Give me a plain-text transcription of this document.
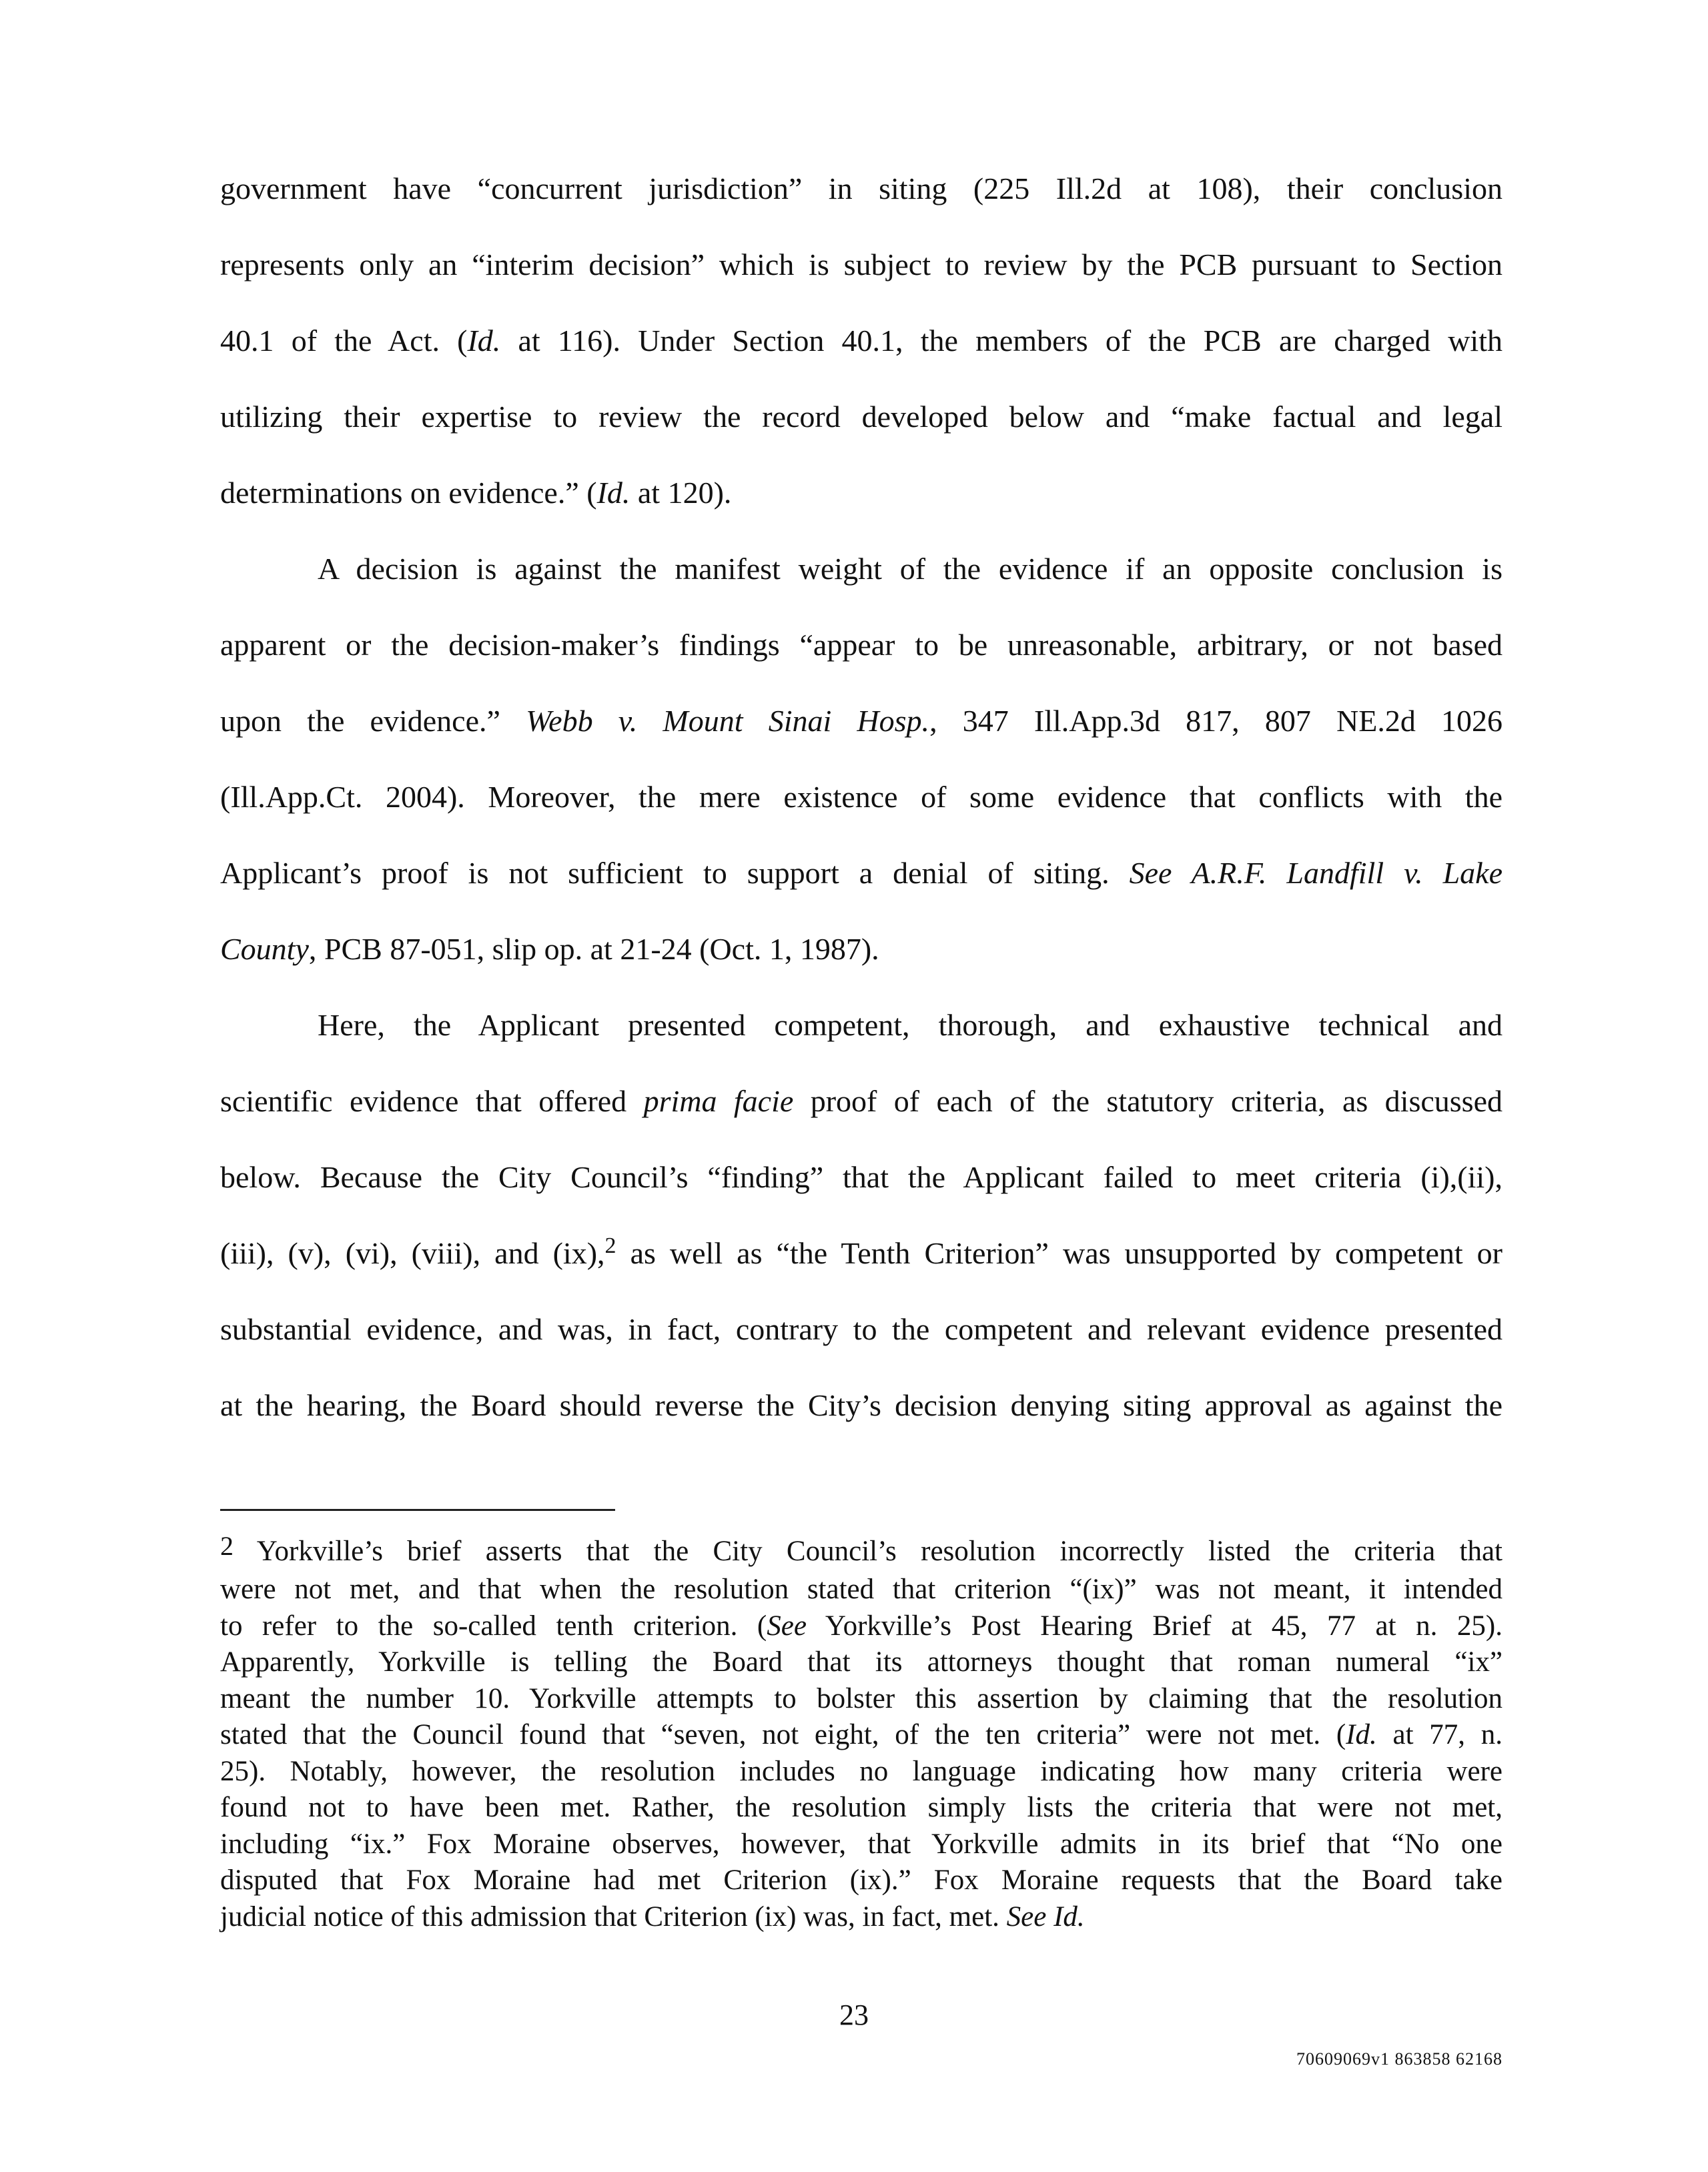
government have “concurrent jurisdiction” in siting (225 Ill.2d at 108), their conclusion
represents only an “interim decision” which is subject to review by the PCB pursuant to Section
40.1 of the Act. (Id. at 116). Under Section 40.1, the members of the PCB are charged with
utilizing their expertise to review the record developed below and “make factual and legal
determinations on evidence.” (Id. at 120).
A decision is against the manifest weight of the evidence if an opposite conclusion is
apparent or the decision-maker’s findings “appear to be unreasonable, arbitrary, or not based
upon the evidence.” Webb v. Mount Sinai Hosp., 347 Ill.App.3d 817, 807 NE.2d 1026
(Ill.App.Ct. 2004). Moreover, the mere existence of some evidence that conflicts with the
Applicant’s proof is not sufficient to support a denial of siting. See A.R.F. Landfill v. Lake
County, PCB 87-051, slip op. at 21-24 (Oct. 1, 1987).
Here, the Applicant presented competent, thorough, and exhaustive technical and
scientific evidence that offered prima facie proof of each of the statutory criteria, as discussed
below. Because the City Council’s “finding” that the Applicant failed to meet criteria (i),(ii),
(iii), (v), (vi), (viii), and (ix),$^2$ as well as “the Tenth Criterion” was unsupported by competent or
substantial evidence, and was, in fact, contrary to the competent and relevant evidence presented
at the hearing, the Board should reverse the City’s decision denying siting approval as against the
2 Yorkville’s brief asserts that the City Council’s resolution incorrectly listed the criteria that
were not met, and that when the resolution stated that criterion “(ix)” was not meant, it intended
to refer to the so-called tenth criterion. (See Yorkville’s Post Hearing Brief at 45, 77 at n. 25).
Apparently, Yorkville is telling the Board that its attorneys thought that roman numeral “ix”
meant the number 10. Yorkville attempts to bolster this assertion by claiming that the resolution
stated that the Council found that “seven, not eight, of the ten criteria” were not met. (Id. at 77, n.
25). Notably, however, the resolution includes no language indicating how many criteria were
found not to have been met. Rather, the resolution simply lists the criteria that were not met,
including “ix.” Fox Moraine observes, however, that Yorkville admits in its brief that “No one
disputed that Fox Moraine had met Criterion (ix).” Fox Moraine requests that the Board take
judicial notice of this admission that Criterion (ix) was, in fact, met. See Id.
23
70609069v1 863858 62168
